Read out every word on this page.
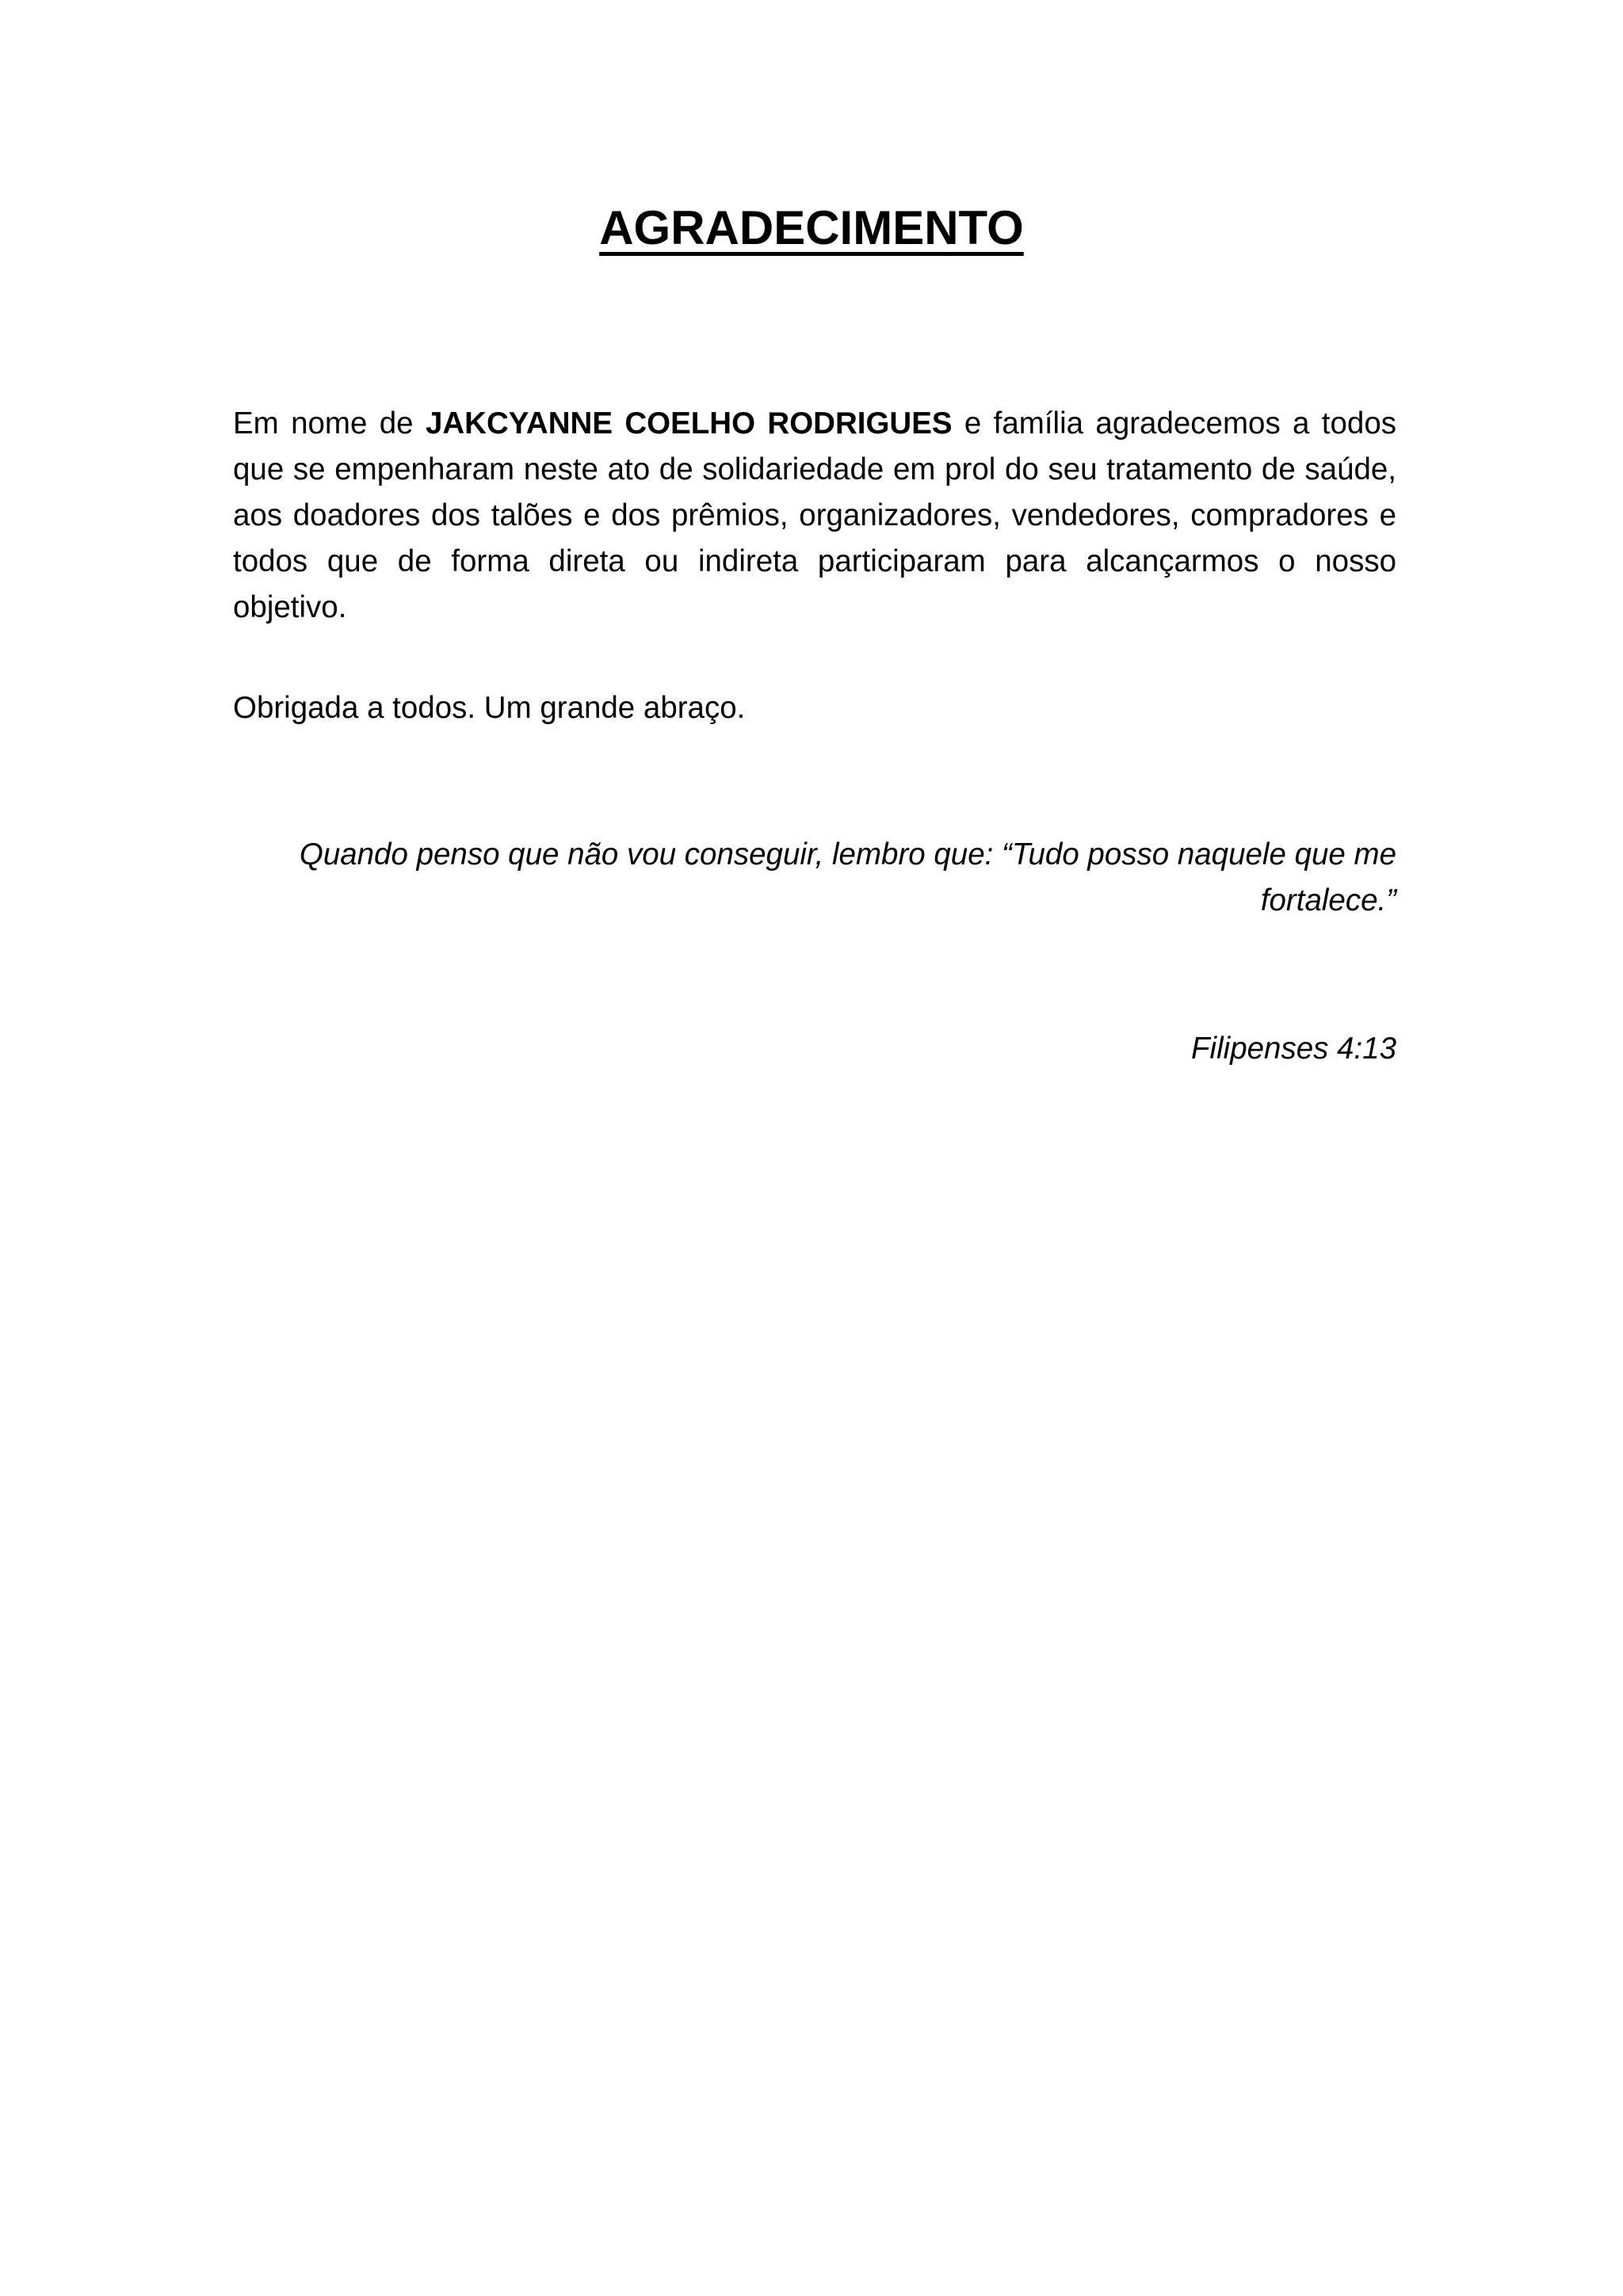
AGRADECIMENTO
Em nome de JAKCYANNE COELHO RODRIGUES e família agradecemos a todos que se empenharam neste ato de solidariedade em prol do seu tratamento de saúde, aos doadores dos talões e dos prêmios, organizadores, vendedores, compradores e todos que de forma direta ou indireta participaram para alcançarmos o nosso objetivo.
Obrigada a todos. Um grande abraço.
Quando penso que não vou conseguir, lembro que: “Tudo posso naquele que me
fortalece.”
Filipenses 4:13
